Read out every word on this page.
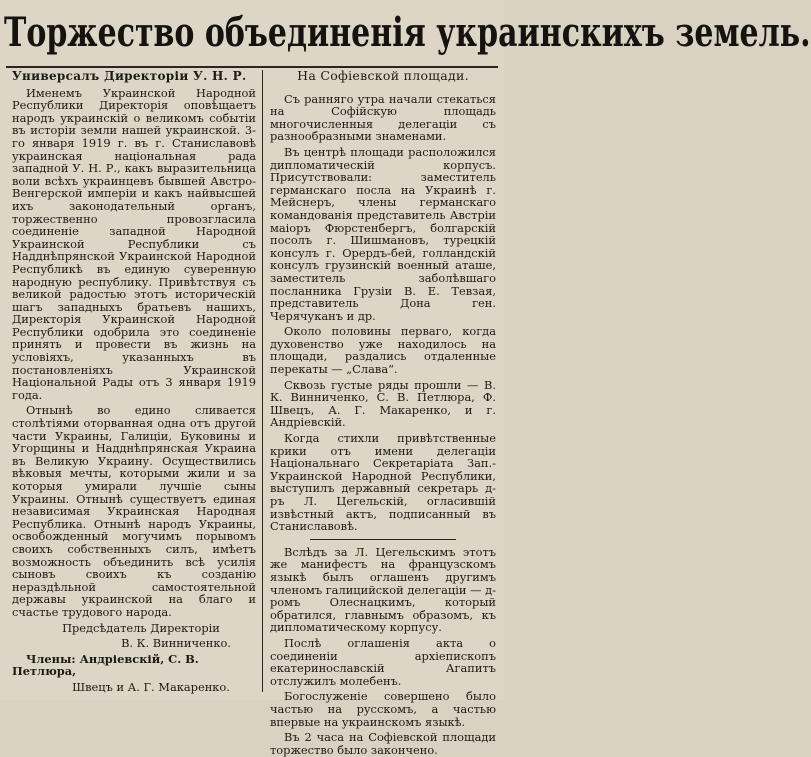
Торжество объединенія украинскихъ земель.
Универсалъ Директоріи У. Н. Р.

Именемъ Украинской Народной Республики Директорія оповѣщаетъ народъ украинскій о великомъ событіи въ исторіи земли нашей украинской. 3-го января 1919 г. въ г. Станиславовѣ украинская національная рада западной У. Н. Р., какъ выразительница воли всѣхъ украинцевъ бывшей Австро-Венгерской имперіи и какъ найвысшей ихъ законодательный органъ, торжественно провозгласила соединеніе западной Народной Украинской Республики съ Надднѣпрянской Украинской Народной Республикѣ въ единую суверенную народную республику. Привѣтствуя съ великой радостью этотъ историческій шагъ западныхъ братьевъ нашихъ, Директорія Украинской Народной Республики одобрила это соединеніе принять и провести въ жизнь на условіяхъ, указанныхъ въ постановленіяхъ Украинской Національной Рады отъ 3 января 1919 года.

Отнынѣ во едино сливается столѣтіями оторванная одна отъ другой части Украины, Галиціи, Буковины и Угорщины и Надднѣпрянская Украина въ Великую Украину. Осуществились вѣковыя мечты, которыми жили и за которыя умирали лучшіе сыны Украины. Отнынѣ существуетъ единая независимая Украинская Народная Республика. Отнынѣ народъ Украины, освобожденный могучимъ порывомъ своихъ собственныхъ силъ, имѣетъ возможность объединить всѣ усилія сыновъ своихъ къ созданію нераздѣльной самостоятельной державы украинской на благо и счастье трудового народа.

Предсѣдатель Директоріи

В. К. Винниченко.

Члены: Андріевскій, С. В. Петлюра,

Швецъ и А. Г. Макаренко.

На Софіевской площади.

Съ ранняго утра начали стекаться на Софійскую площадь многочисленныя делегаціи съ разнообразными знаменами.

Въ центрѣ площади расположился дипломатическій корпусъ. Присутствовали: заместитель германскаго посла на Украинѣ г. Мейснеръ, члены германскаго командованія представитель Австріи маіоръ Фюрстенбергъ, болгарскій посолъ г. Шишмановъ, турецкій консулъ г. Орердъ-бей, голландскій консулъ грузинскій военный аташе, заместитель заболѣвшаго посланника Грузіи В. Е. Тевзая, представитель Дона ген. Черячуканъ и др.

Около половины перваго, когда духовенство уже находилось на площади, раздались отдаленные перекаты — „Слава“.

Сквозь густые ряды прошли — В. К. Винниченко, С. В. Петлюра, Ф. Швецъ, А. Г. Макаренко, и г. Андріевскій.

Когда стихли привѣтственные крики отъ имени делегаціи Національнаго Секретаріата Зап.-Украинской Народной Республики, выступилъ державный секретарь д-ръ Л. Цегельскій, огласившій извѣстный актъ, подписанный въ Станиславовѣ.

Вслѣдъ за Л. Цегельскимъ этотъ же манифестъ на французскомъ языкѣ былъ оглашенъ другимъ членомъ галицийской делегаціи — д-ромъ Олеснацкимъ, который обратился, главнымъ образомъ, къ дипломатическому корпусу.

Послѣ оглашенія акта о соединеніи архіепископъ екатеринославскій Агапитъ отслужилъ молебенъ.

Богослуженіе совершено было частью на русскомъ, а частью впервые на украинскомъ языкѣ.

Въ 2 часа на Софіевской площади торжество было закончено.
